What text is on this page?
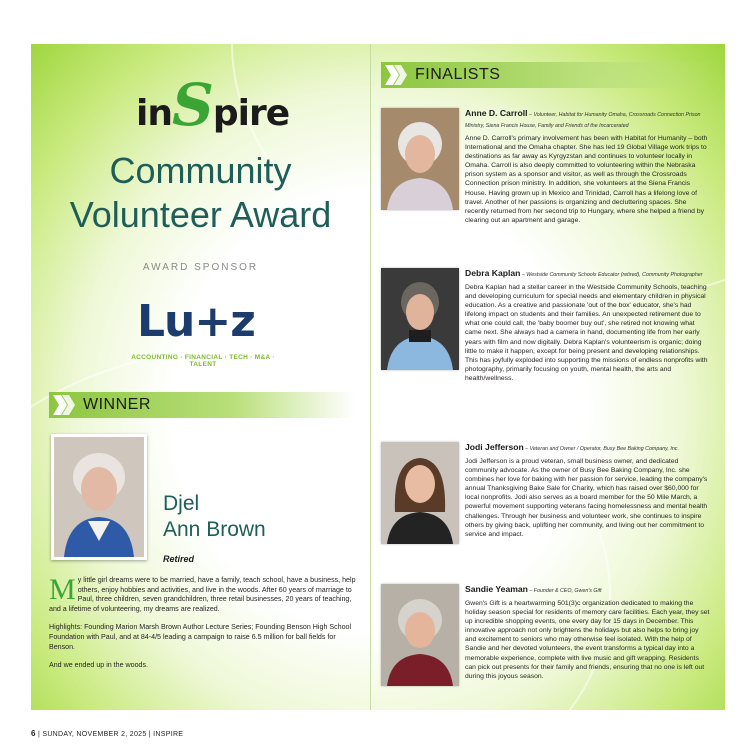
inSpire
Community
Volunteer Award
AWARD SPONSOR
Lu+z
ACCOUNTING · FINANCIAL · TECH · M&A · TALENT
WINNER
Djel
Ann Brown
Retired
My little girl dreams were to be married, have a family, teach school, have a business, help others, enjoy hobbies and activities, and live in the woods. After 60 years of marriage to Paul, three children, seven grandchildren, three retail businesses, 20 years of teaching, and a lifetime of volunteering, my dreams are realized.
Highlights: Founding Marion Marsh Brown Author Lecture Series; Founding Benson High School Foundation with Paul, and at 84-4/5 leading a campaign to raise 6.5 million for ball fields for Benson.
And we ended up in the woods.
FINALISTS
Anne D. Carroll – Volunteer, Habitat for Humanity Omaha, Crossroads Connection Prison Ministry, Siena Francis House, Family and Friends of the Incarcerated
Anne D. Carroll's primary involvement has been with Habitat for Humanity – both International and the Omaha chapter. She has led 19 Global Village work trips to destinations as far away as Kyrgyzstan and continues to volunteer locally in Omaha. Carroll is also deeply committed to volunteering within the Nebraska prison system as a sponsor and visitor, as well as through the Crossroads Connection prison ministry. In addition, she volunteers at the Siena Francis House. Having grown up in Mexico and Trinidad, Carroll has a lifelong love of travel. Another of her passions is organizing and decluttering spaces. She recently returned from her second trip to Hungary, where she helped a friend by clearing out an apartment and garage.
Debra Kaplan – Westside Community Schools Educator (retired), Community Photographer
Debra Kaplan had a stellar career in the Westside Community Schools, teaching and developing curriculum for special needs and elementary children in physical education. As a creative and passionate 'out of the box' educator, she's had lifelong impact on students and their families. An unexpected retirement due to what one could call, the 'baby boomer buy out', she retired not knowing what came next. She always had a camera in hand, documenting life from her early years with film and now digitally. Debra Kaplan's volunteerism is organic; doing little to make it happen, except for being present and developing relationships. This has joyfully exploded into supporting the missions of endless nonprofits with photography, primarily focusing on youth, mental health, the arts and health/wellness.
Jodi Jefferson – Veteran and Owner / Operator, Busy Bee Baking Company, Inc.
Jodi Jefferson is a proud veteran, small business owner, and dedicated community advocate. As the owner of Busy Bee Baking Company, Inc. she combines her love for baking with her passion for service, leading the company's annual Thanksgiving Bake Sale for Charity, which has raised over $60,000 for local nonprofits. Jodi also serves as a board member for the 50 Mile March, a powerful movement supporting veterans facing homelessness and mental health challenges. Through her business and volunteer work, she continues to inspire others by giving back, uplifting her community, and living out her commitment to service and impact.
Sandie Yeaman – Founder & CEO, Gwen's Gift
Gwen's Gift is a heartwarming 501(3)c organization dedicated to making the holiday season special for residents of memory care facilities. Each year, they set up incredible shopping events, one every day for 15 days in December. This innovative approach not only brightens the holidays but also helps to bring joy and excitement to seniors who may otherwise feel isolated. With the help of Sandie and her devoted volunteers, the event transforms a typical day into a memorable experience, complete with live music and gift wrapping. Residents can pick out presents for their family and friends, ensuring that no one is left out during this joyous season.
6 | SUNDAY, NOVEMBER 2, 2025 | INSPIRE
